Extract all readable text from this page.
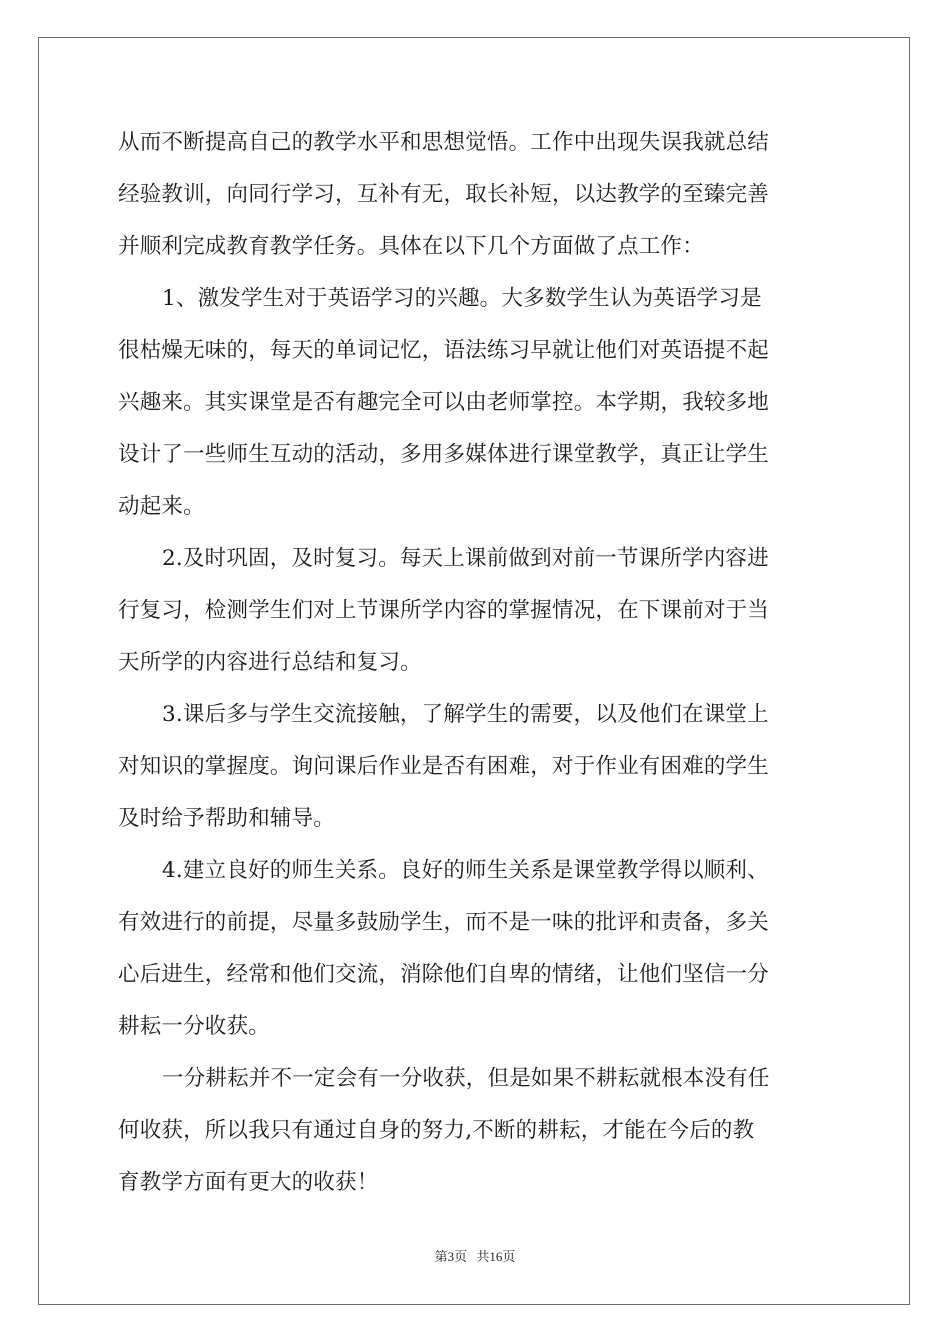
从而不断提高自己的教学水平和思想觉悟。工作中出现失误我就总结
经验教训，向同行学习，互补有无，取长补短，以达教学的至臻完善
并顺利完成教育教学任务。具体在以下几个方面做了点工作：
1、激发学生对于英语学习的兴趣。大多数学生认为英语学习是
很枯燥无味的，每天的单词记忆，语法练习早就让他们对英语提不起
兴趣来。其实课堂是否有趣完全可以由老师掌控。本学期，我较多地
设计了一些师生互动的活动，多用多媒体进行课堂教学，真正让学生
动起来。
2.及时巩固，及时复习。每天上课前做到对前一节课所学内容进
行复习，检测学生们对上节课所学内容的掌握情况，在下课前对于当
天所学的内容进行总结和复习。
3.课后多与学生交流接触，了解学生的需要，以及他们在课堂上
对知识的掌握度。询问课后作业是否有困难，对于作业有困难的学生
及时给予帮助和辅导。
4.建立良好的师生关系。良好的师生关系是课堂教学得以顺利、
有效进行的前提，尽量多鼓励学生，而不是一味的批评和责备，多关
心后进生，经常和他们交流，消除他们自卑的情绪，让他们坚信一分
耕耘一分收获。
一分耕耘并不一定会有一分收获，但是如果不耕耘就根本没有任
何收获，所以我只有通过自身的努力,不断的耕耘，才能在今后的教
育教学方面有更大的收获！
第3页 共16页
